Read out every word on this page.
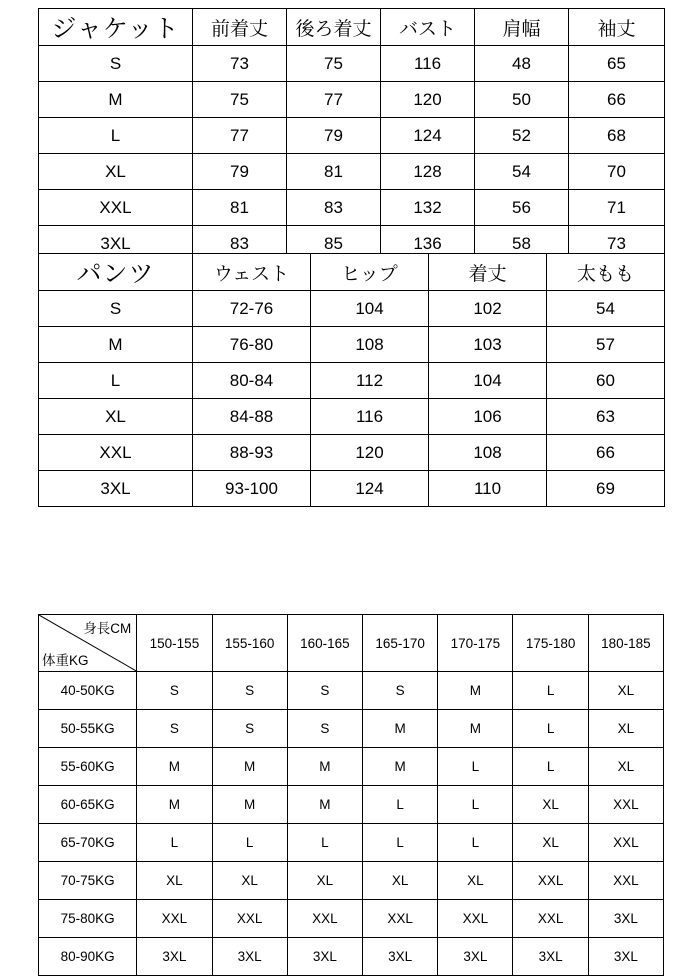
ジャケット	前着丈	後ろ着丈	バスト	肩幅	袖丈
S	73	75	116	48	65
M	75	77	120	50	66
L	77	79	124	52	68
XL	79	81	128	54	70
XXL	81	83	132	56	71
3XL	83	85	136	58	73
パンツ	ウェスト	ヒップ	着丈	太もも
S	72-76	104	102	54
M	76-80	108	103	57
L	80-84	112	104	60
XL	84-88	116	106	63
XXL	88-93	120	108	66
3XL	93-100	124	110	69
身長CM
体重KG	150-155	155-160	160-165	165-170	170-175	175-180	180-185
40-50KG	S	S	S	S	M	L	XL
50-55KG	S	S	S	M	M	L	XL
55-60KG	M	M	M	M	L	L	XL
60-65KG	M	M	M	L	L	XL	XXL
65-70KG	L	L	L	L	L	XL	XXL
70-75KG	XL	XL	XL	XL	XL	XXL	XXL
75-80KG	XXL	XXL	XXL	XXL	XXL	XXL	3XL
80-90KG	3XL	3XL	3XL	3XL	3XL	3XL	3XL
